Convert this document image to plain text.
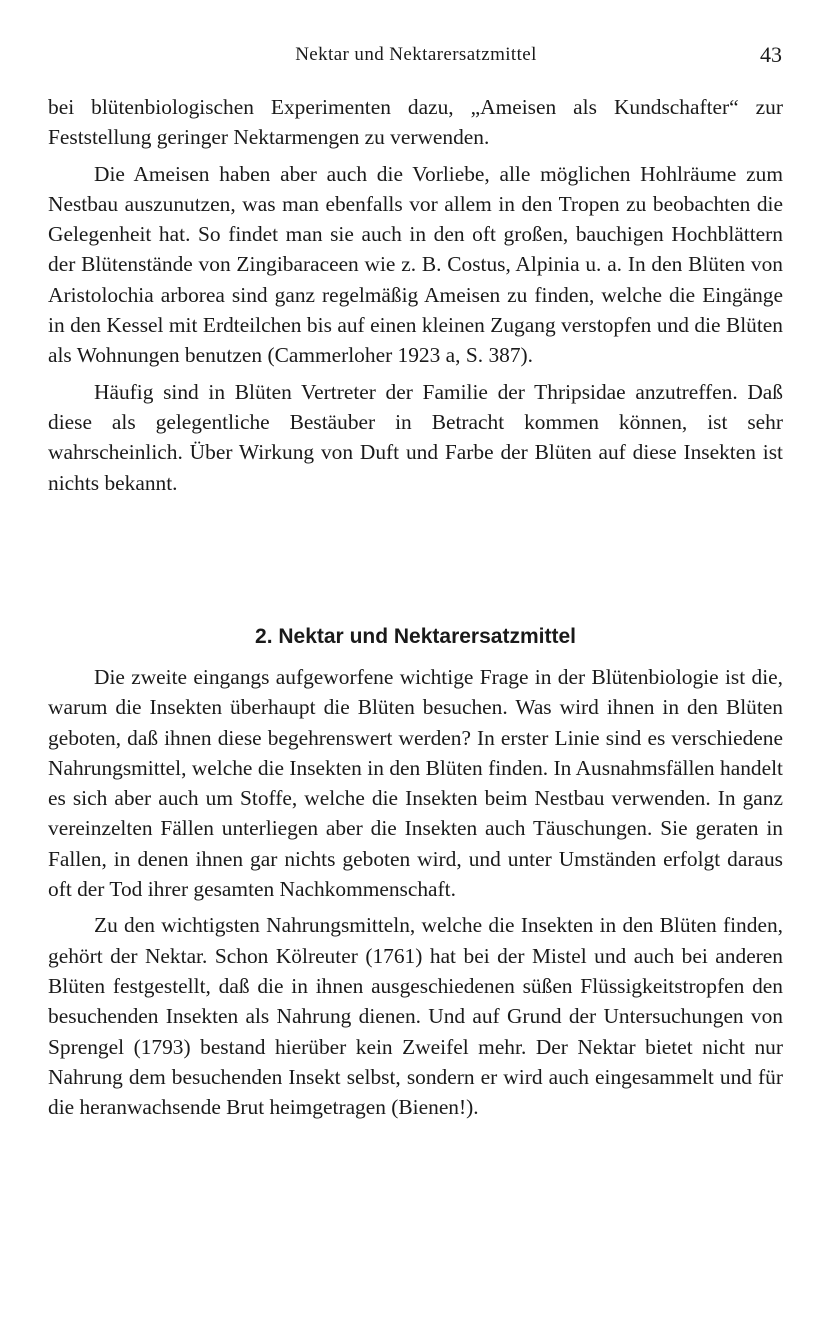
Nektar und Nektarersatzmittel	43

bei blütenbiologischen Experimenten dazu, „Ameisen als Kundschafter“ zur Feststellung geringer Nektarmengen zu verwenden.

Die Ameisen haben aber auch die Vorliebe, alle möglichen Hohlräume zum Nestbau auszunutzen, was man ebenfalls vor allem in den Tropen zu beobachten die Gelegenheit hat. So findet man sie auch in den oft großen, bauchigen Hochblättern der Blütenstände von Zingibaraceen wie z. B. Costus, Alpinia u. a. In den Blüten von Aristolochia arborea sind ganz regelmäßig Ameisen zu finden, welche die Eingänge in den Kessel mit Erdteilchen bis auf einen kleinen Zugang verstopfen und die Blüten als Wohnungen benutzen (Cammerloher 1923 a, S. 387).

Häufig sind in Blüten Vertreter der Familie der Thripsidae anzutreffen. Daß diese als gelegentliche Bestäuber in Betracht kommen können, ist sehr wahrscheinlich. Über Wirkung von Duft und Farbe der Blüten auf diese Insekten ist nichts bekannt.

2. Nektar und Nektarersatzmittel

Die zweite eingangs aufgeworfene wichtige Frage in der Blütenbiologie ist die, warum die Insekten überhaupt die Blüten besuchen. Was wird ihnen in den Blüten geboten, daß ihnen diese begehrenswert werden? In erster Linie sind es verschiedene Nahrungsmittel, welche die Insekten in den Blüten finden. In Ausnahmsfällen handelt es sich aber auch um Stoffe, welche die Insekten beim Nestbau verwenden. In ganz vereinzelten Fällen unterliegen aber die Insekten auch Täuschungen. Sie geraten in Fallen, in denen ihnen gar nichts geboten wird, und unter Umständen erfolgt daraus oft der Tod ihrer gesamten Nachkommenschaft.

Zu den wichtigsten Nahrungsmitteln, welche die Insekten in den Blüten finden, gehört der Nektar. Schon Kölreuter (1761) hat bei der Mistel und auch bei anderen Blüten festgestellt, daß die in ihnen ausgeschiedenen süßen Flüssigkeitstropfen den besuchenden Insekten als Nahrung dienen. Und auf Grund der Untersuchungen von Sprengel (1793) bestand hierüber kein Zweifel mehr. Der Nektar bietet nicht nur Nahrung dem besuchenden Insekt selbst, sondern er wird auch eingesammelt und für die heranwachsende Brut heimgetragen (Bienen!).
